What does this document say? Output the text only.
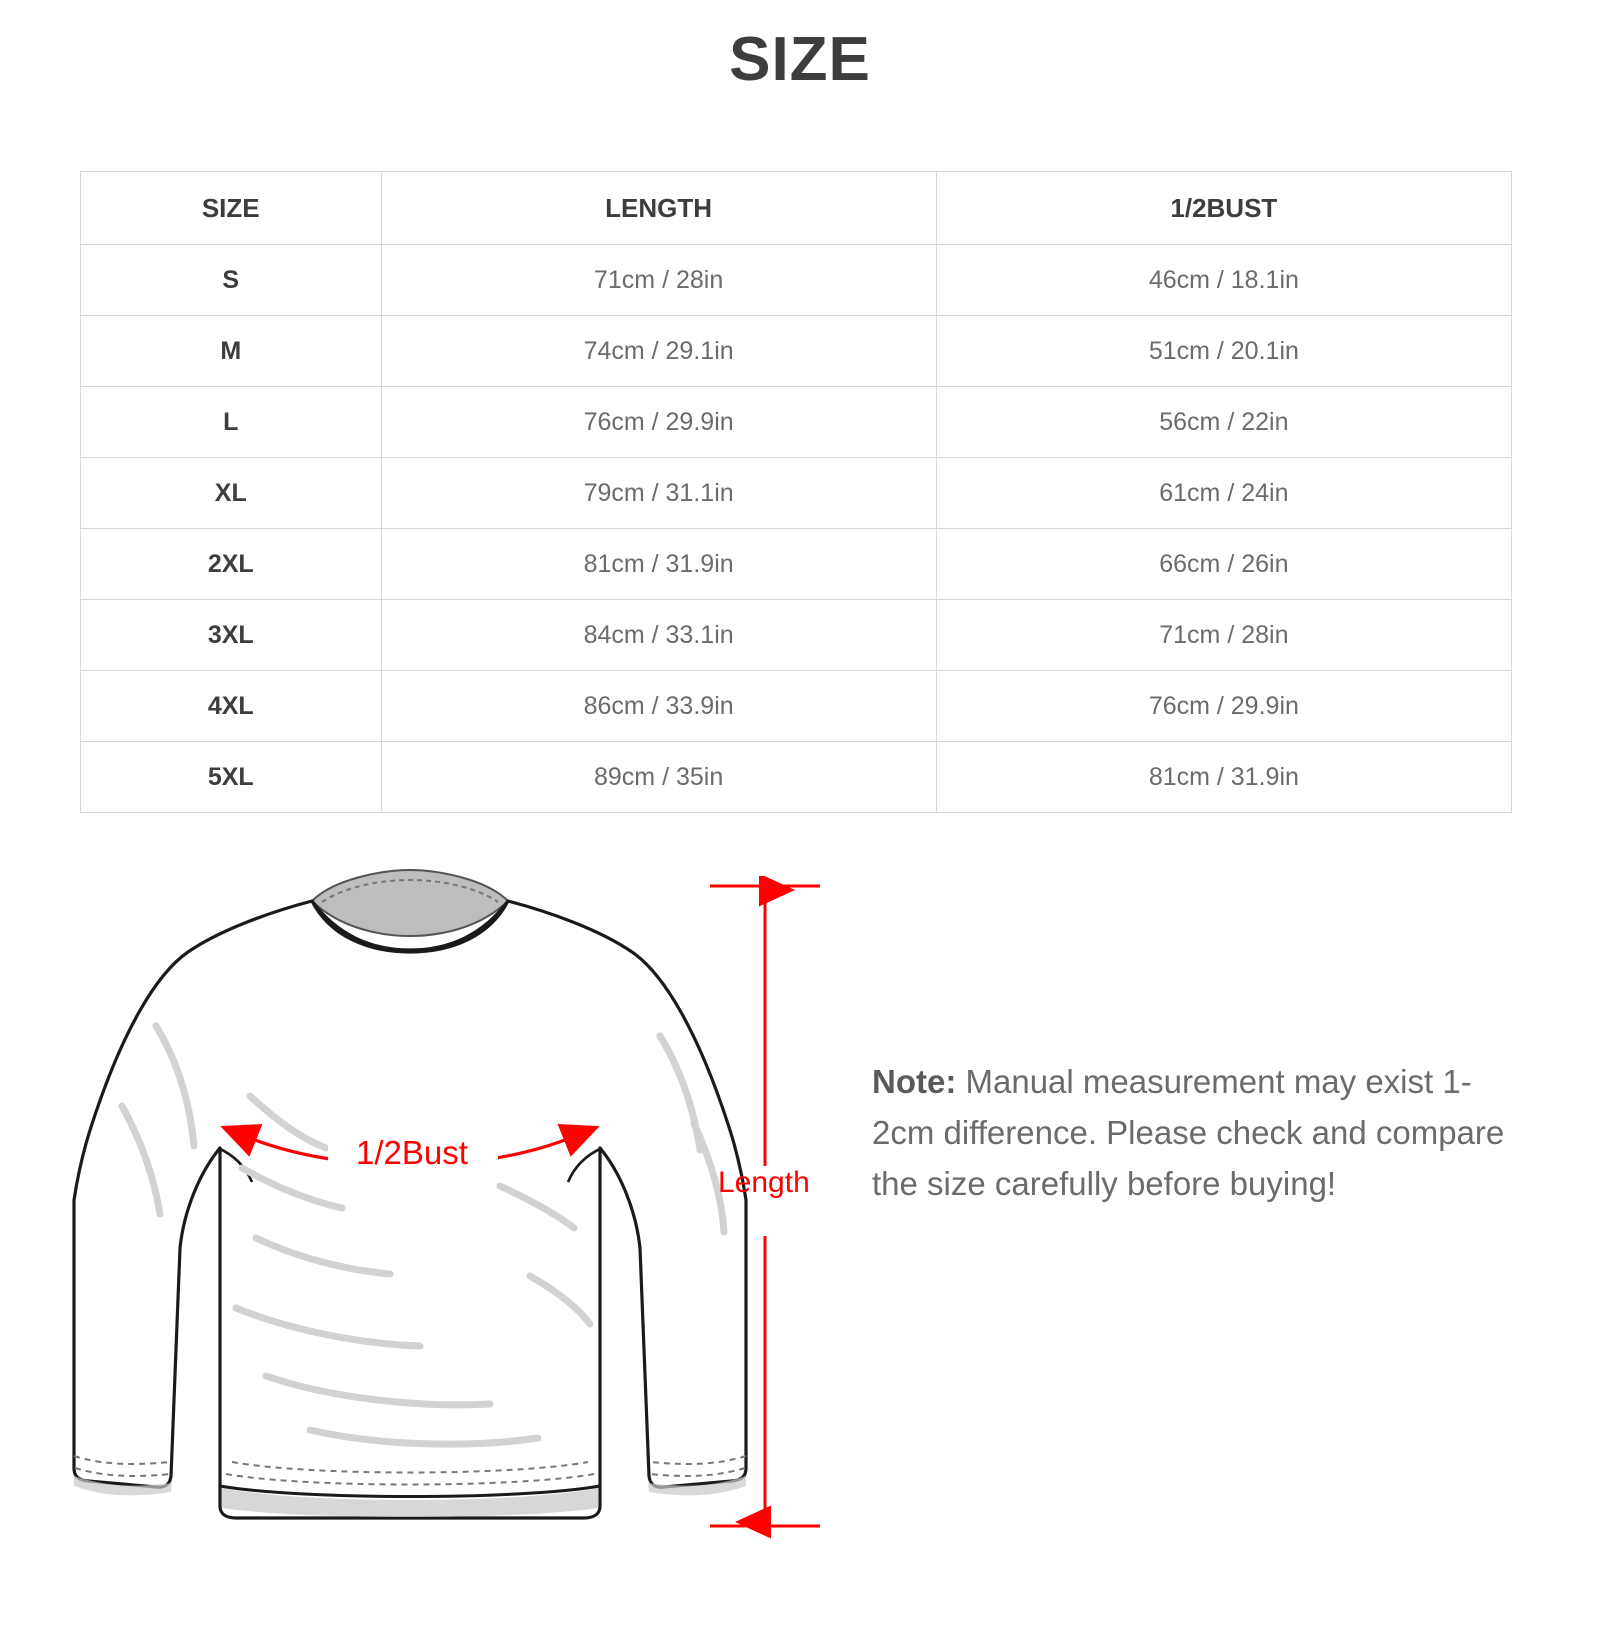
SIZE
SIZE	LENGTH	1/2BUST
S	71cm / 28in	46cm / 18.1in
M	74cm / 29.1in	51cm / 20.1in
L	76cm / 29.9in	56cm / 22in
XL	79cm / 31.1in	61cm / 24in
2XL	81cm / 31.9in	66cm / 26in
3XL	84cm / 33.1in	71cm / 28in
4XL	86cm / 33.9in	76cm / 29.9in
5XL	89cm / 35in	81cm / 31.9in
1/2Bust
Length
Note: Manual measurement may exist 1-2cm difference. Please check and compare the size carefully before buying!
